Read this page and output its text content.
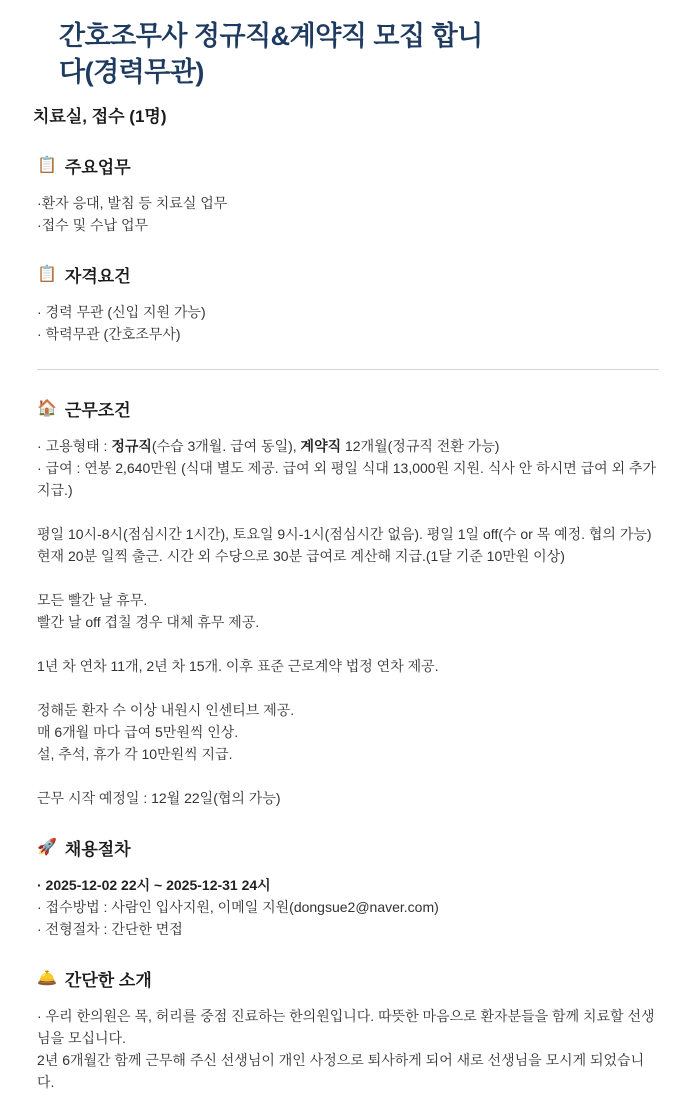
간호조무사 정규직&계약직 모집 합니다(경력무관)
치료실, 접수 (1명)
📋 주요업무

·환자 응대, 발침 등 치료실 업무

·접수 및 수납 업무

📋 자격요건

· 경력 무관 (신입 지원 가능)

· 학력무관 (간호조무사)

🏠 근무조건

· 고용형태 : 정규직(수습 3개월. 급여 동일), 계약직 12개월(정규직 전환 가능)

· 급여 : 연봉 2,640만원 (식대 별도 제공. 급여 외 평일 식대 13,000원 지원. 식사 안 하시면 급여 외 추가 지급.)

평일 10시-8시(점심시간 1시간), 토요일 9시-1시(점심시간 없음). 평일 1일 off(수 or 목 예정. 협의 가능)

현재 20분 일찍 출근. 시간 외 수당으로 30분 급여로 계산해 지급.(1달 기준 10만원 이상)

모든 빨간 날 휴무.

빨간 날 off 겹칠 경우 대체 휴무 제공.

1년 차 연차 11개, 2년 차 15개. 이후 표준 근로계약 법정 연차 제공.

정해둔 환자 수 이상 내원시 인센티브 제공.

매 6개월 마다 급여 5만원씩 인상.

설, 추석, 휴가 각 10만원씩 지급.

근무 시작 예정일 : 12월 22일(협의 가능)

🚀 채용절차

· 2025-12-02 22시 ~ 2025-12-31 24시

· 접수방법 : 사람인 입사지원, 이메일 지원(dongsue2@naver.com)

· 전형절차 : 간단한 면접

🛎️ 간단한 소개

· 우리 한의원은 목, 허리를 중점 진료하는 한의원입니다. 따뜻한 마음으로 환자분들을 함께 치료할 선생님을 모십니다.

2년 6개월간 함께 근무해 주신 선생님이 개인 사정으로 퇴사하게 되어 새로 선생님을 모시게 되었습니다.
